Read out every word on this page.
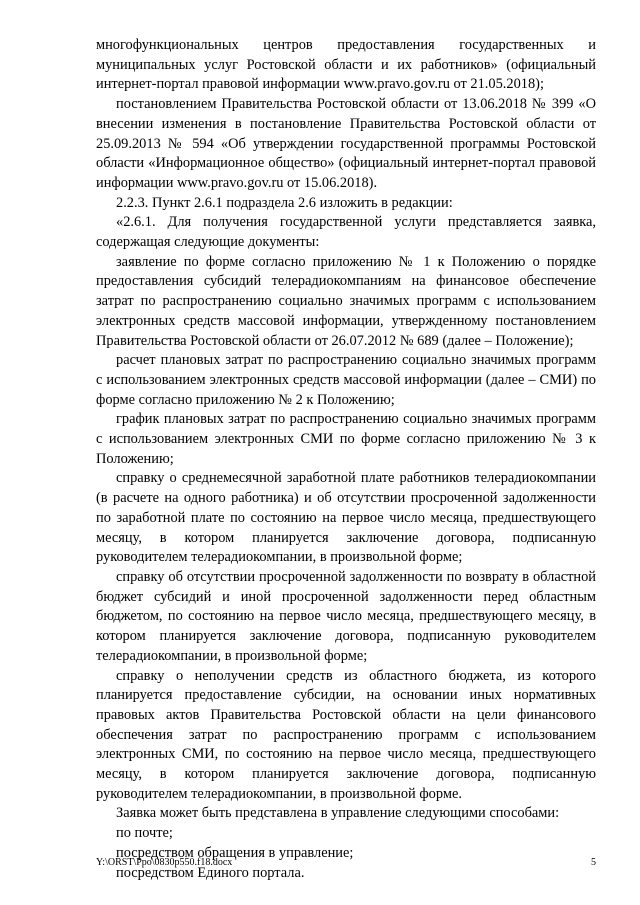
многофункциональных центров предоставления государственных и муниципальных услуг Ростовской области и их работников» (официальный интернет-портал правовой информации www.pravo.gov.ru от 21.05.2018);

постановлением Правительства Ростовской области от 13.06.2018 № 399 «О внесении изменения в постановление Правительства Ростовской области от 25.09.2013 № 594 «Об утверждении государственной программы Ростовской области «Информационное общество» (официальный интернет-портал правовой информации www.pravo.gov.ru от 15.06.2018).

2.2.3. Пункт 2.6.1 подраздела 2.6 изложить в редакции:

«2.6.1. Для получения государственной услуги представляется заявка, содержащая следующие документы:

заявление по форме согласно приложению № 1 к Положению о порядке предоставления субсидий телерадиокомпаниям на финансовое обеспечение затрат по распространению социально значимых программ с использованием электронных средств массовой информации, утвержденному постановлением Правительства Ростовской области от 26.07.2012 № 689 (далее – Положение);

расчет плановых затрат по распространению социально значимых программ с использованием электронных средств массовой информации (далее – СМИ) по форме согласно приложению № 2 к Положению;

график плановых затрат по распространению социально значимых программ с использованием электронных СМИ по форме согласно приложению № 3 к Положению;

справку о среднемесячной заработной плате работников телерадиокомпании (в расчете на одного работника) и об отсутствии просроченной задолженности по заработной плате по состоянию на первое число месяца, предшествующего месяцу, в котором планируется заключение договора, подписанную руководителем телерадиокомпании, в произвольной форме;

справку об отсутствии просроченной задолженности по возврату в областной бюджет субсидий и иной просроченной задолженности перед областным бюджетом, по состоянию на первое число месяца, предшествующего месяцу, в котором планируется заключение договора, подписанную руководителем телерадиокомпании, в произвольной форме;

справку о неполучении средств из областного бюджета, из которого планируется предоставление субсидии, на основании иных нормативных правовых актов Правительства Ростовской области на цели финансового обеспечения затрат по распространению программ с использованием электронных СМИ, по состоянию на первое число месяца, предшествующего месяцу, в котором планируется заключение договора, подписанную руководителем телерадиокомпании, в произвольной форме.

Заявка может быть представлена в управление следующими способами:

по почте;

посредством обращения в управление;

посредством Единого портала.

Y:\ORST\Ppo\0830p550.f18.docx	5
